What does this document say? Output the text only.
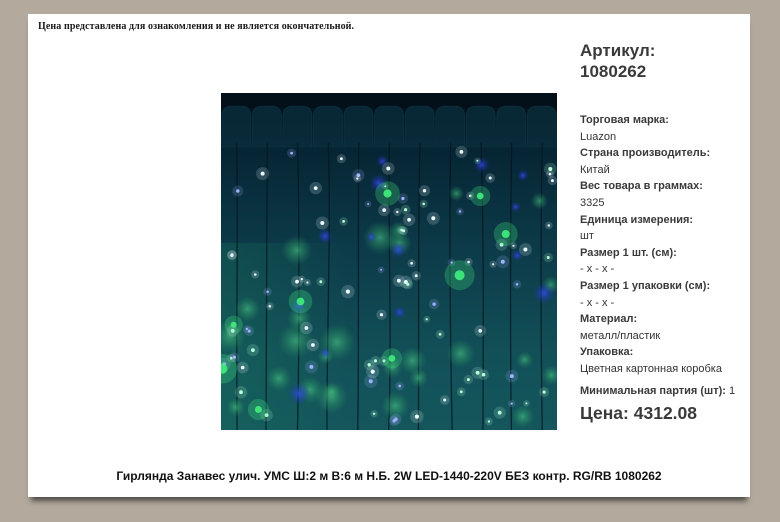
Цена представлена для ознакомления и не является окончательной.
Артикул:
1080262
Торговая марка:
Luazon
Страна производитель:
Китай
Вес товара в граммах:
3325
Единица измерения:
шт
Размер 1 шт. (см):
- x - x -
Размер 1 упаковки (см):
- x - x -
Материал:
металл/пластик
Упаковка:
Цветная картонная коробка
Минимальная партия (шт): 1
Цена: 4312.08
Гирлянда Занавес улич. УМС Ш:2 м В:6 м Н.Б. 2W LED-1440-220V БЕЗ контр. RG/RB 1080262
